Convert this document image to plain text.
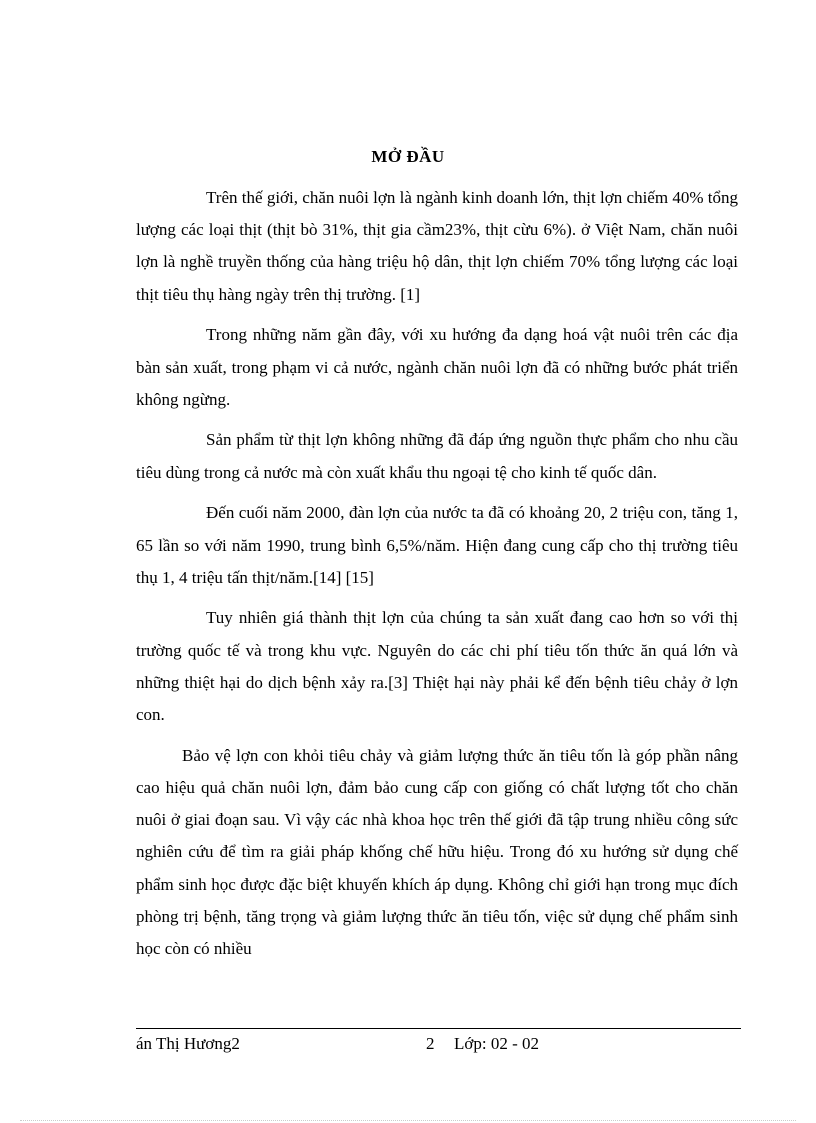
MỞ ĐẦU

Trên thế giới, chăn nuôi lợn là ngành kinh doanh lớn, thịt lợn chiếm 40% tổng lượng các loại thịt (thịt bò 31%, thịt gia cầm23%, thịt cừu 6%). ở Việt Nam, chăn nuôi lợn là nghề truyền thống của hàng triệu hộ dân, thịt lợn chiếm 70% tổng lượng các loại thịt tiêu thụ hàng ngày trên thị trường. [1]

Trong những năm gần đây, với xu hướng đa dạng hoá vật nuôi trên các địa bàn sản xuất, trong phạm vi cả nước, ngành chăn nuôi lợn đã có những bước phát triển không ngừng.

Sản phẩm từ thịt lợn không những đã đáp ứng nguồn thực phẩm cho nhu cầu tiêu dùng trong cả nước mà còn xuất khẩu thu ngoại tệ cho kinh tế quốc dân.

Đến cuối năm 2000, đàn lợn của nước ta đã có khoảng 20, 2 triệu con, tăng 1, 65 lần so với năm 1990, trung bình 6,5%/năm. Hiện đang cung cấp cho thị trường tiêu thụ 1, 4 triệu tấn thịt/năm.[14] [15]

Tuy nhiên giá thành thịt lợn của chúng ta sản xuất đang cao hơn so với thị trường quốc tế và trong khu vực. Nguyên do các chi phí tiêu tốn thức ăn quá lớn và những thiệt hại do dịch bệnh xảy ra.[3] Thiệt hại này phải kể đến bệnh tiêu chảy ở lợn con.

Bảo vệ lợn con khỏi tiêu chảy và giảm lượng thức ăn tiêu tốn là góp phần nâng cao hiệu quả chăn nuôi lợn, đảm bảo cung cấp con giống có chất lượng tốt cho chăn nuôi ở giai đoạn sau. Vì vậy các nhà khoa học trên thế giới đã tập trung nhiều công sức nghiên cứu để tìm ra giải pháp khống chế hữu hiệu. Trong đó xu hướng sử dụng chế phẩm sinh học được đặc biệt khuyến khích áp dụng. Không chỉ giới hạn trong mục đích phòng trị bệnh, tăng trọng và giảm lượng thức ăn tiêu tốn, việc sử dụng chế phẩm sinh học còn có nhiều

án Thị Hương2	2 Lớp: 02 - 02
